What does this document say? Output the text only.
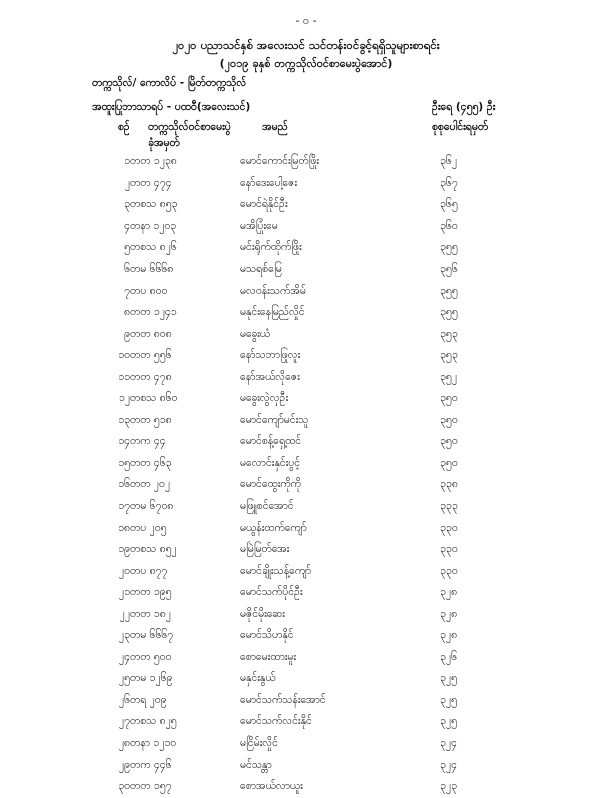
- ၀ -
၂၀၂၀ ပညာသင်နှစ် အလေးသင် သင်တန်းဝင်ခွင့်ရရှိသူများစာရင်း
(၂၀၁၉ ခုနှစ် တက္ကသိုလ်ဝင်စာမေးပွဲအောင်)
တက္ကသိုလ်/ ကောလိပ် - မြိတ်တက္ကသိုလ်
အထူးပြုဘာသာရပ် - ပထဝီ(အလေးသင်)	ဦးရေ (၄၅၅) ဦး
စဉ် တက္ကသိုလ်ဝင်စာမေးပွဲ
ခုံအမှတ်
အမည်	စုစုပေါင်းရမှတ်
၁	တတ ၁၂၃၈	မောင်ကောင်းမြတ်ဖြိုး	၃၆၂
၂	တတ ၄၇၄	နော်ဒေးပေါ့ဇေး	၃၆၇
၃	တစသ ၈၅၃	မောင်ရဲနိုင်ဦး	၃၆၅
၄	တနာ ၁၂၀၃	မအိပြုံးမေ	၃၆၀
၅	တစသ ၈၂၆	မင်းရိုက်ထိုက်ဖြိုး	၃၅၅
၆	တမ ၆၆၆၈	မသရစ်မြေ	၃၅၆
၇	တပ ၈၀၀	မလဝန်းသက်အိမ်	၃၅၅
၈	တတ ၁၂၄၁	မနုင်းနေမြည်လှိုင်	၃၅၅
၉	တတ ၈၀၈	မခွေးယံ	၃၅၃
၁၀	တတ ၅၅၆	နော်သဘာဖြုလူး	၃၅၃
၁၁	တတ ၄၇၈	နော်အယ်လိုဇေး	၃၅၂
၁၂	တစသ ၈၆၀	မခွေးလွဲလှဦး	၃၅၀
၁၃	တတ ၅၁၈	မောင်ကျော်မင်းသူ	၃၅၀
၁၄	တက ၄၄	မောင်စန့်ရှေ့ထင်	၃၅၀
၁၅	တတ ၄၆၃	မလောင်းနှင်းပွင့်	၃၅၀
၁၆	တတ ၂၀၂	မောင်ထွေးကိုကို	၃၃၈
၁၇	တမ ၆၇၀၈	မဖြူစင်အောင်	၃၃၃
၁၈	တပ ၂၀၅	မယွန်းထက်ကျော်	၃၃၀
၁၉	တစသ ၈၅၂	မမြဲမြတ်အေး	၃၃၀
၂၀	တပ ၈၇၇	မောင်ချိုးသန့်ကျော်	၃၃၀
၂၁	တတ ၁၉၅	မောင်သက်ပိုင်ဦး	၃၂၈
၂၂	တတ ၁၈၂	မဇိုင်မိုးဆေး	၃၂၈
၂၃	တမ ၆၆၆၇	မောင်သိဟနိုင်	၃၂၈
၂၄	တတ ၅၀၀	စောမေးထားမူး	၃၂၆
၂၅	တမ ၁၂၆၉	မနှင်းနွယ်	၃၂၅
၂၆	တရ ၂၀၉	မောင်သက်သန်းအောင်	၃၂၅
၂၇	တစသ ၈၂၅	မောင်သက်လင်းနိုင်	၃၂၅
၂၈	တနာ ၁၂၁၀	မငြိမ်းလှိုင်	၃၂၄
၂၉	တက ၄၄၆	မင်သန္တာ	၃၂၄
၃၀	တတ ၁၅၇	စောအယ်လာယူး	၃၂၃
